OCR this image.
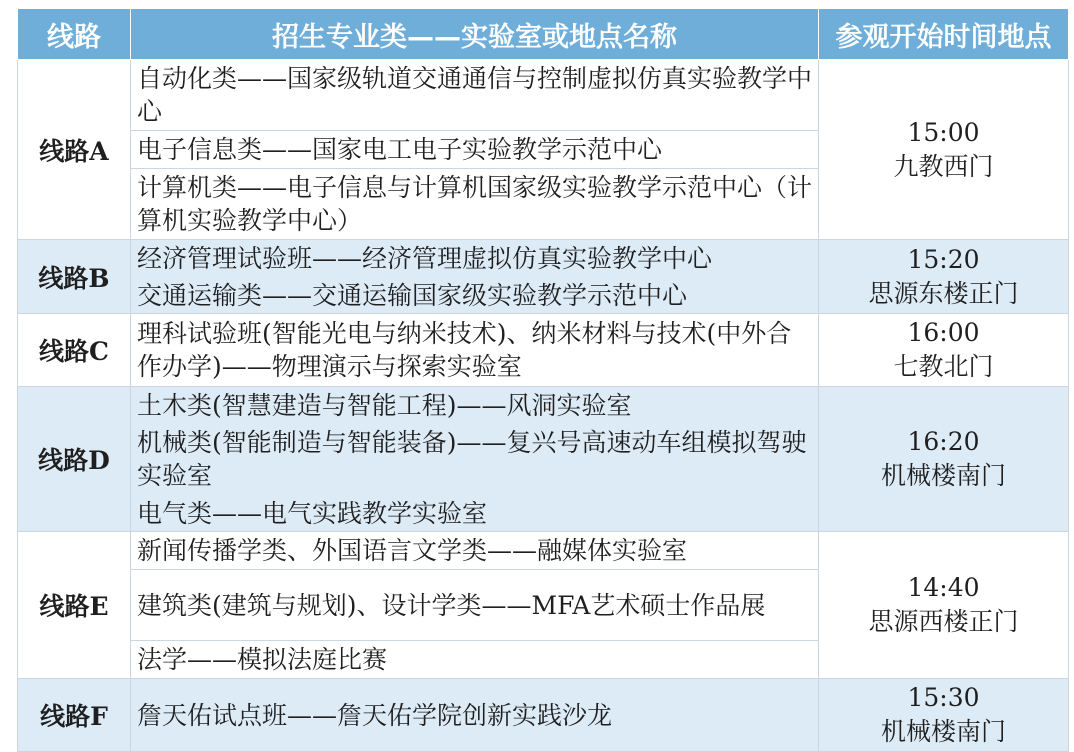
线路	招生专业类——实验室或地点名称	参观开始时间地点
线路A	自动化类——国家级轨道交通通信与控制虚拟仿真实验教学中心	15:00
九教西门

	电子信息类——国家电工电子实验教学示范中心	
	计算机类——电子信息与计算机国家级实验教学示范中心（计算机实验教学中心）	
线路B	经济管理试验班——经济管理虚拟仿真实验教学中心	15:20
思源东楼正门

	交通运输类——交通运输国家级实验教学示范中心	
线路C	理科试验班(智能光电与纳米技术)、纳米材料与技术(中外合作办学)——物理演示与探索实验室	16:00
七教北门

线路D	土木类(智慧建造与智能工程)——风洞实验室	16:20
机械楼南门

	机械类(智能制造与智能装备)——复兴号高速动车组模拟驾驶实验室	
	电气类——电气实践教学实验室	
线路E	新闻传播学类、外国语言文学类——融媒体实验室	14:40
思源西楼正门

	建筑类(建筑与规划)、设计学类——MFA艺术硕士作品展	
	法学——模拟法庭比赛	
线路F	詹天佑试点班——詹天佑学院创新实践沙龙	15:30
机械楼南门
